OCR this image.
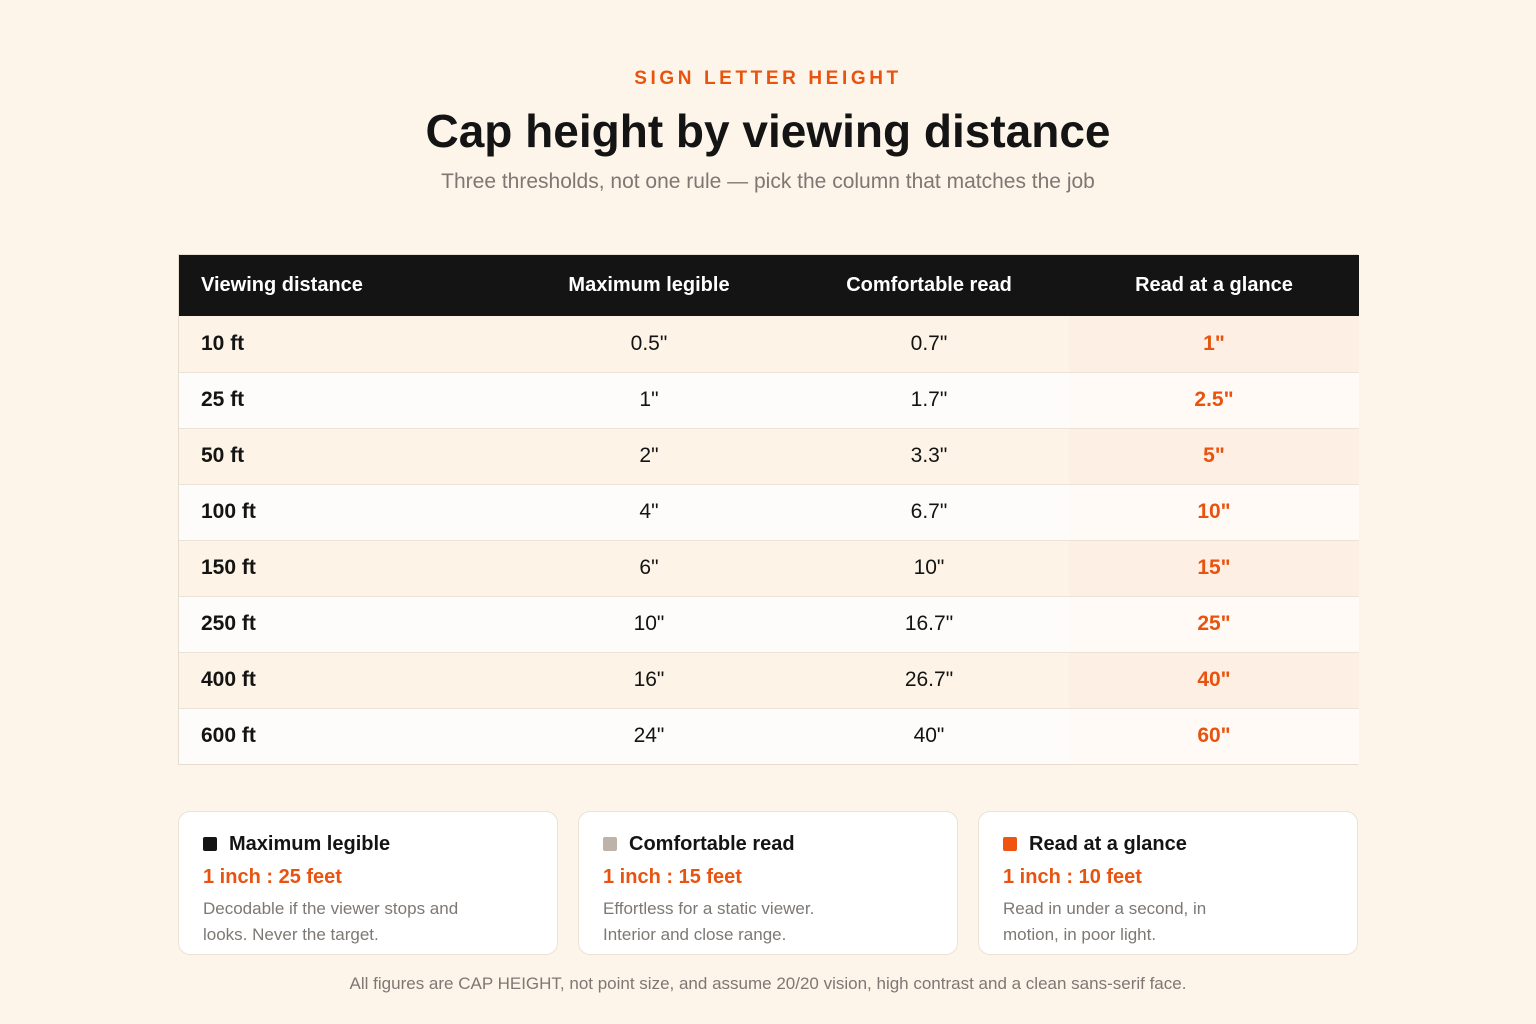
SIGN LETTER HEIGHT
Cap height by viewing distance
Three thresholds, not one rule — pick the column that matches the job
Viewing distance	Maximum legible	Comfortable read	Read at a glance
10 ft	0.5"	0.7"	1"
25 ft	1"	1.7"	2.5"
50 ft	2"	3.3"	5"
100 ft	4"	6.7"	10"
150 ft	6"	10"	15"
250 ft	10"	16.7"	25"
400 ft	16"	26.7"	40"
600 ft	24"	40"	60"
Maximum legible
1 inch : 25 feet
Decodable if the viewer stops and looks. Never the target.
Comfortable read
1 inch : 15 feet
Effortless for a static viewer. Interior and close range.
Read at a glance
1 inch : 10 feet
Read in under a second, in motion, in poor light.
All figures are CAP HEIGHT, not point size, and assume 20/20 vision, high contrast and a clean sans-serif face.
